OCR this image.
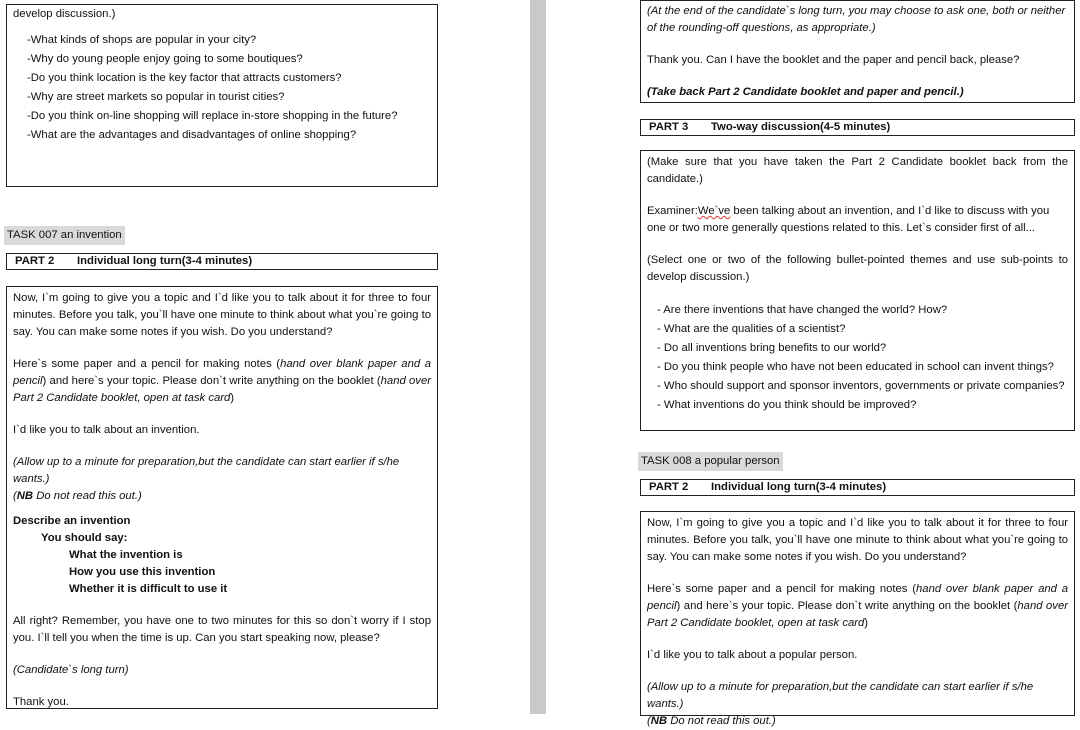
develop discussion.)

-What kinds of shops are popular in your city?

-Why do young people enjoy going to some boutiques?

-Do you think location is the key factor that attracts customers?

-Why are street markets so popular in tourist cities?

-Do you think on-line shopping will replace in-store shopping in the future?

-What are the advantages and disadvantages of online shopping?

TASK 007 an invention
PART 2 Individual long turn(3-4 minutes)

Now, I`m going to give you a topic and I`d like you to talk about it for three to four minutes. Before you talk, you`ll have one minute to think about what you`re going to say. You can make some notes if you wish. Do you understand?

Here`s some paper and a pencil for making notes (hand over blank paper and a pencil) and here`s your topic. Please don`t write anything on the booklet (hand over Part 2 Candidate booklet, open at task card)

I`d like you to talk about an invention.

(Allow up to a minute for preparation,but the candidate can start earlier if s/he wants.)

(NB Do not read this out.)

Describe an invention

You should say:

What the invention is

How you use this invention

Whether it is difficult to use it

All right? Remember, you have one to two minutes for this so don`t worry if I stop you. I`ll tell you when the time is up. Can you start speaking now, please?

(Candidate`s long turn)

Thank you.

(At the end of the candidate`s long turn, you may choose to ask one, both or neither of the rounding-off questions, as appropriate.)

Thank you. Can I have the booklet and the paper and pencil back, please?

(Take back Part 2 Candidate booklet and paper and pencil.)

PART 3 Two-way discussion(4-5 minutes)

(Make sure that you have taken the Part 2 Candidate booklet back from the candidate.)

Examiner:We`ve been talking about an invention, and I`d like to discuss with you one or two more generally questions related to this. Let`s consider first of all...

(Select one or two of the following bullet-pointed themes and use sub-points to develop discussion.)

- Are there inventions that have changed the world? How?

- What are the qualities of a scientist?

- Do all inventions bring benefits to our world?

- Do you think people who have not been educated in school can invent things?

- Who should support and sponsor inventors, governments or private companies?

- What inventions do you think should be improved?

TASK 008 a popular person
PART 2 Individual long turn(3-4 minutes)

Now, I`m going to give you a topic and I`d like you to talk about it for three to four minutes. Before you talk, you`ll have one minute to think about what you`re going to say. You can make some notes if you wish. Do you understand?

Here`s some paper and a pencil for making notes (hand over blank paper and a pencil) and here`s your topic. Please don`t write anything on the booklet (hand over Part 2 Candidate booklet, open at task card)

I`d like you to talk about a popular person.

(Allow up to a minute for preparation,but the candidate can start earlier if s/he wants.)

(NB Do not read this out.)
